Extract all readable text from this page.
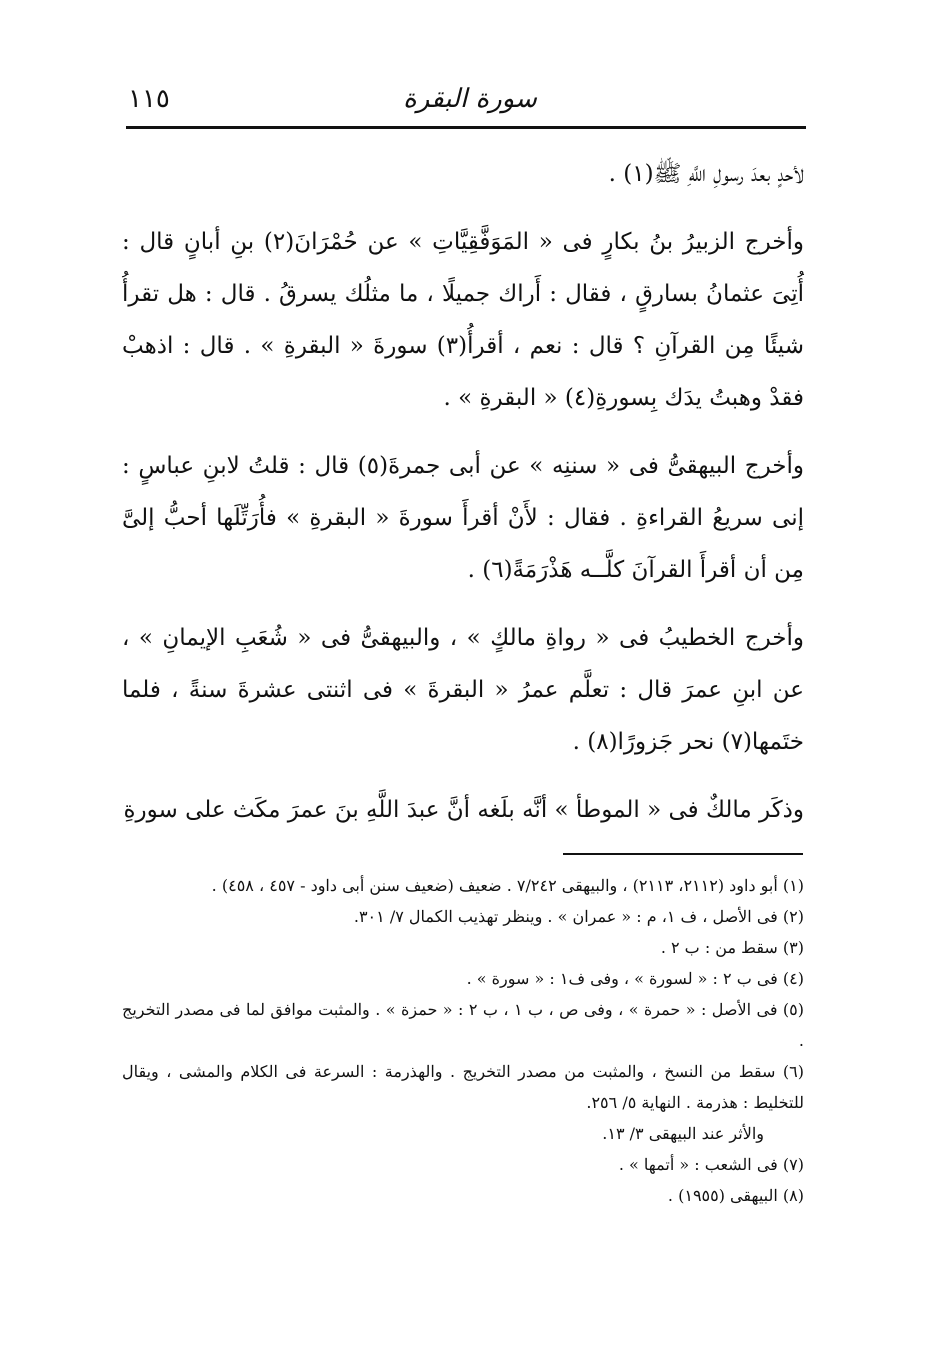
١١٥	سورة البقرة

لأحدٍ بعدَ رسولِ اللَّهِ ﷺ(١) .

وأخرج الزبيرُ بنُ بكارٍ فى « المَوَفَّقِيَّاتِ » عن حُمْرَانَ(٢) بنِ أبانٍ قال : أُتِىَ عثمانُ بسارقٍ ، فقال : أَراك جميلًا ، ما مثلُك يسرقُ . قال : هل تقرأُ شيئًا مِن القرآنِ ؟ قال : نعم ، أقرأُ(٣) سورةَ « البقرةِ » . قال : اذهبْ فقدْ وهبتُ يدَك بِسورةِ(٤) « البقرةِ » .

وأخرج البيهقىُّ فى « سننِه » عن أبى جمرةَ(٥) قال : قلتُ لابنِ عباسٍ : إنى سريعُ القراءةِ . فقال : لأَنْ أقرأَ سورةَ « البقرةِ » فأُرَتِّلَها أحبُّ إلىَّ مِن أن أقرأَ القرآنَ كلَّــه هَذْرَمَةً(٦) .

وأخرج الخطيبُ فى « رواةِ مالكٍ » ، والبيهقىُّ فى « شُعَبِ الإيمانِ » ، عن ابنِ عمرَ قال : تعلَّم عمرُ « البقرةَ » فى اثنتى عشرةَ سنةً ، فلما ختَمها(٧) نحر جَزورًا(٨) .

وذكَر مالكٌ فى « الموطأ » أنَّه بلَغه أنَّ عبدَ اللَّهِ بنَ عمرَ مكَث على سورةِ

(١) أبو داود (٢١١٢، ٢١١٣) ، والبيهقى ٧/٢٤٢ . ضعيف (ضعيف سنن أبى داود - ٤٥٧ ، ٤٥٨) .

(٢) فى الأصل ، ف ١، م : « عمران » . وينظر تهذيب الكمال ٧/ ٣٠١.

(٣) سقط من : ب ٢ .

(٤) فى ب ٢ : « لسورة » ، وفى ف١ : « سورة » .

(٥) فى الأصل : « حمرة » ، وفى ص ، ب ١ ، ب ٢ : « حمزة » . والمثبت موافق لما فى مصدر التخريج .

(٦) سقط من النسخ ، والمثبت من مصدر التخريج . والهذرمة : السرعة فى الكلام والمشى ، ويقال للتخليط : هذرمة . النهاية ٥/ ٢٥٦.

والأثر عند البيهقى ٣/ ١٣.

(٧) فى الشعب : « أتمها » .

(٨) البيهقى (١٩٥٥) .
